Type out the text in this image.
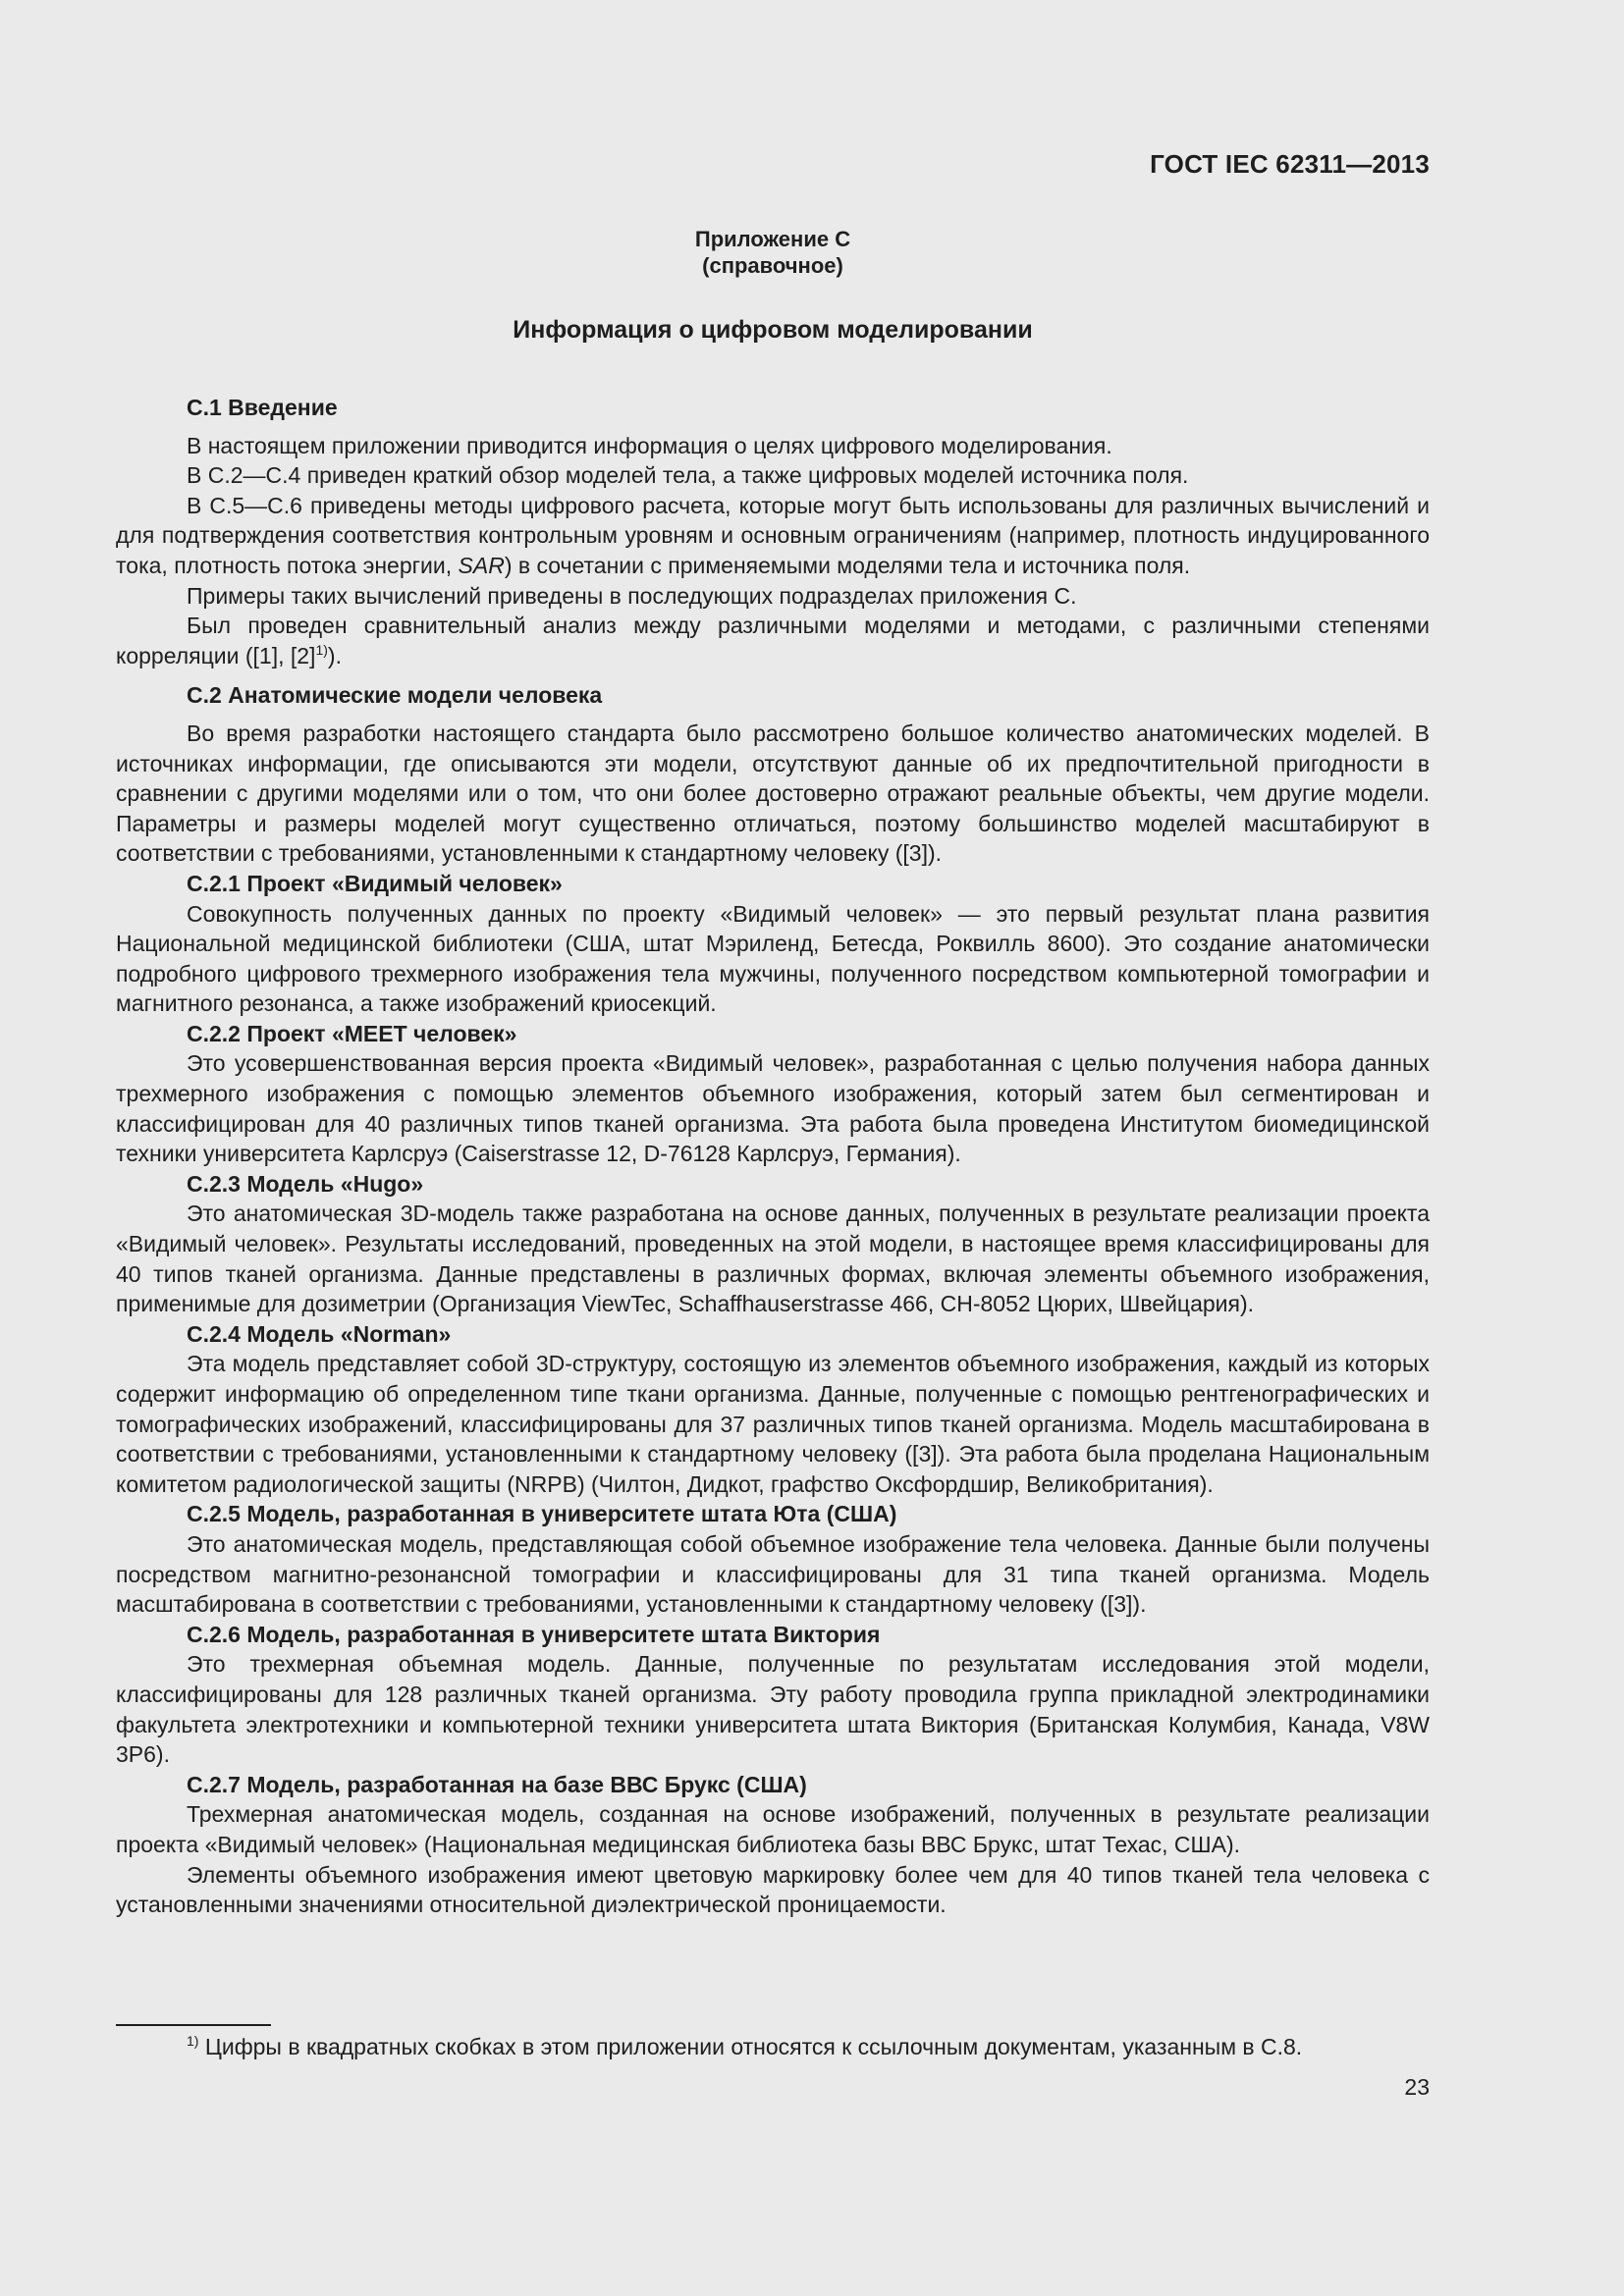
ГОСТ IEC 62311—2013
Приложение С
(справочное)
Информация о цифровом моделировании

С.1 Введение

В настоящем приложении приводится информация о целях цифрового моделирования.

В С.2—С.4 приведен краткий обзор моделей тела, а также цифровых моделей источника поля.

В С.5—С.6 приведены методы цифрового расчета, которые могут быть использованы для различных вычислений и для подтверждения соответствия контрольным уровням и основным ограничениям (например, плотность индуцированного тока, плотность потока энергии, SAR) в сочетании с применяемыми моделями тела и источника поля.

Примеры таких вычислений приведены в последующих подразделах приложения С.

Был проведен сравнительный анализ между различными моделями и методами, с различными степенями корреляции ([1], $[2]^{1)}$).

С.2 Анатомические модели человека

Во время разработки настоящего стандарта было рассмотрено большое количество анатомических моделей. В источниках информации, где описываются эти модели, отсутствуют данные об их предпочтительной пригодности в сравнении с другими моделями или о том, что они более достоверно отражают реальные объекты, чем другие модели. Параметры и размеры моделей могут существенно отличаться, поэтому большинство моделей масштабируют в соответствии с требованиями, установленными к стандартному человеку ([3]).

С.2.1 Проект «Видимый человек»

Совокупность полученных данных по проекту «Видимый человек» — это первый результат плана развития Национальной медицинской библиотеки (США, штат Мэриленд, Бетесда, Роквилль 8600). Это создание анатомически подробного цифрового трехмерного изображения тела мужчины, полученного посредством компьютерной томографии и магнитного резонанса, а также изображений криосекций.

С.2.2 Проект «MEET человек»

Это усовершенствованная версия проекта «Видимый человек», разработанная с целью получения набора данных трехмерного изображения с помощью элементов объемного изображения, который затем был сегментирован и классифицирован для 40 различных типов тканей организма. Эта работа была проведена Институтом биомедицинской техники университета Карлсруэ (Caiserstrasse 12, D-76128 Карлсруэ, Германия).

С.2.3 Модель «Hugo»

Это анатомическая 3D-модель также разработана на основе данных, полученных в результате реализации проекта «Видимый человек». Результаты исследований, проведенных на этой модели, в настоящее время классифицированы для 40 типов тканей организма. Данные представлены в различных формах, включая элементы объемного изображения, применимые для дозиметрии (Организация ViewTec, Schaffhauserstrasse 466, CH-8052 Цюрих, Швейцария).

С.2.4 Модель «Norman»

Эта модель представляет собой 3D-структуру, состоящую из элементов объемного изображения, каждый из которых содержит информацию об определенном типе ткани организма. Данные, полученные с помощью рентгенографических и томографических изображений, классифицированы для 37 различных типов тканей организма. Модель масштабирована в соответствии с требованиями, установленными к стандартному человеку ([3]). Эта работа была проделана Национальным комитетом радиологической защиты (NRPB) (Чилтон, Дидкот, графство Оксфордшир, Великобритания).

С.2.5 Модель, разработанная в университете штата Юта (США)

Это анатомическая модель, представляющая собой объемное изображение тела человека. Данные были получены посредством магнитно-резонансной томографии и классифицированы для 31 типа тканей организма. Модель масштабирована в соответствии с требованиями, установленными к стандартному человеку ([3]).

С.2.6 Модель, разработанная в университете штата Виктория

Это трехмерная объемная модель. Данные, полученные по результатам исследования этой модели, классифицированы для 128 различных тканей организма. Эту работу проводила группа прикладной электродинамики факультета электротехники и компьютерной техники университета штата Виктория (Британская Колумбия, Канада, V8W 3P6).

С.2.7 Модель, разработанная на базе ВВС Брукс (США)

Трехмерная анатомическая модель, созданная на основе изображений, полученных в результате реализации проекта «Видимый человек» (Национальная медицинская библиотека базы ВВС Брукс, штат Техас, США).

Элементы объемного изображения имеют цветовую маркировку более чем для 40 типов тканей тела человека с установленными значениями относительной диэлектрической проницаемости.

$^{1)}$ Цифры в квадратных скобках в этом приложении относятся к ссылочным документам, указанным в С.8.
23
